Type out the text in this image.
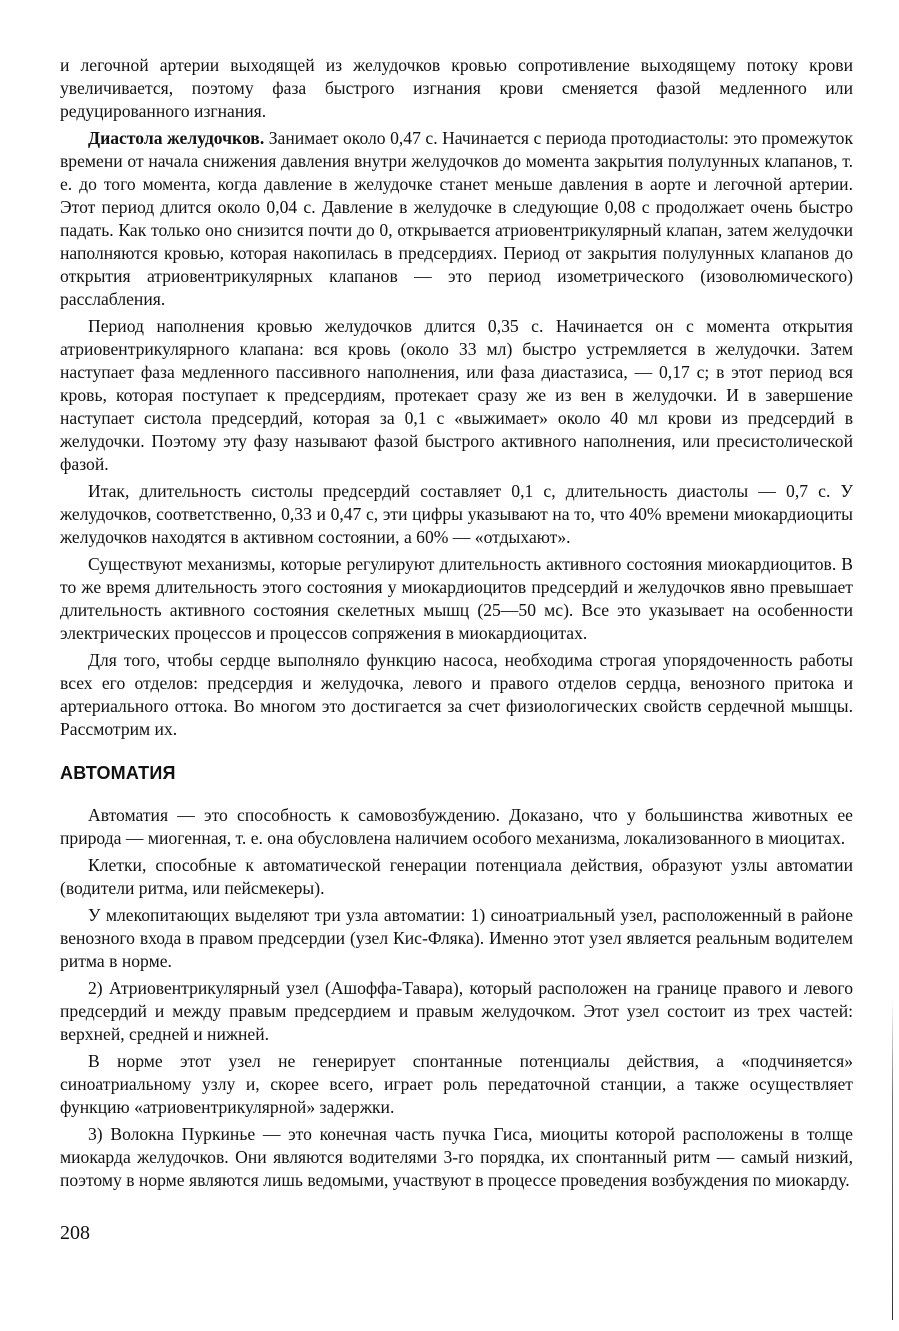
и легочной артерии выходящей из желудочков кровью сопротивление выходящему потоку крови увеличивается, поэтому фаза быстрого изгнания крови сменяется фазой медленного или редуцированного изгнания.

Диастола желудочков. Занимает около 0,47 с. Начинается с периода протодиастолы: это промежуток времени от начала снижения давления внутри желудочков до момента закрытия полулунных клапанов, т. е. до того момента, когда давление в желудочке станет меньше давления в аорте и легочной артерии. Этот период длится около 0,04 с. Давление в желудочке в следующие 0,08 с продолжает очень быстро падать. Как только оно снизится почти до 0, открывается атриовентрикулярный клапан, затем желудочки наполняются кровью, которая накопилась в предсердиях. Период от закрытия полулунных клапанов до открытия атриовентрикулярных клапанов — это период изометрического (изоволюмического) расслабления.

Период наполнения кровью желудочков длится 0,35 с. Начинается он с момента открытия атриовентрикулярного клапана: вся кровь (около 33 мл) быстро устремляется в желудочки. Затем наступает фаза медленного пассивного наполнения, или фаза диастазиса, — 0,17 с; в этот период вся кровь, которая поступает к предсердиям, протекает сразу же из вен в желудочки. И в завершение наступает систола предсердий, которая за 0,1 с «выжимает» около 40 мл крови из предсердий в желудочки. Поэтому эту фазу называют фазой быстрого активного наполнения, или пресистолической фазой.

Итак, длительность систолы предсердий составляет 0,1 с, длительность диастолы — 0,7 с. У желудочков, соответственно, 0,33 и 0,47 с, эти цифры указывают на то, что 40% времени миокардиоциты желудочков находятся в активном состоянии, а 60% — «отдыхают».

Существуют механизмы, которые регулируют длительность активного состояния миокардиоцитов. В то же время длительность этого состояния у миокардиоцитов предсердий и желудочков явно превышает длительность активного состояния скелетных мышц (25—50 мс). Все это указывает на особенности электрических процессов и процессов сопряжения в миокардиоцитах.

Для того, чтобы сердце выполняло функцию насоса, необходима строгая упорядоченность работы всех его отделов: предсердия и желудочка, левого и правого отделов сердца, венозного притока и артериального оттока. Во многом это достигается за счет физиологических свойств сердечной мышцы. Рассмотрим их.

АВТОМАТИЯ

Автоматия — это способность к самовозбуждению. Доказано, что у большинства животных ее природа — миогенная, т. е. она обусловлена наличием особого механизма, локализованного в миоцитах.

Клетки, способные к автоматической генерации потенциала действия, образуют узлы автоматии (водители ритма, или пейсмекеры).

У млекопитающих выделяют три узла автоматии: 1) синоатриальный узел, расположенный в районе венозного входа в правом предсердии (узел Кис-Фляка). Именно этот узел является реальным водителем ритма в норме.

2) Атриовентрикулярный узел (Ашоффа-Тавара), который расположен на границе правого и левого предсердий и между правым предсердием и правым желудочком. Этот узел состоит из трех частей: верхней, средней и нижней.

В норме этот узел не генерирует спонтанные потенциалы действия, а «подчиняется» синоатриальному узлу и, скорее всего, играет роль передаточной станции, а также осуществляет функцию «атриовентрикулярной» задержки.

3) Волокна Пуркинье — это конечная часть пучка Гиса, миоциты которой расположены в толще миокарда желудочков. Они являются водителями 3-го порядка, их спонтанный ритм — самый низкий, поэтому в норме являются лишь ведомыми, участвуют в процессе проведения возбуждения по миокарду.

208
